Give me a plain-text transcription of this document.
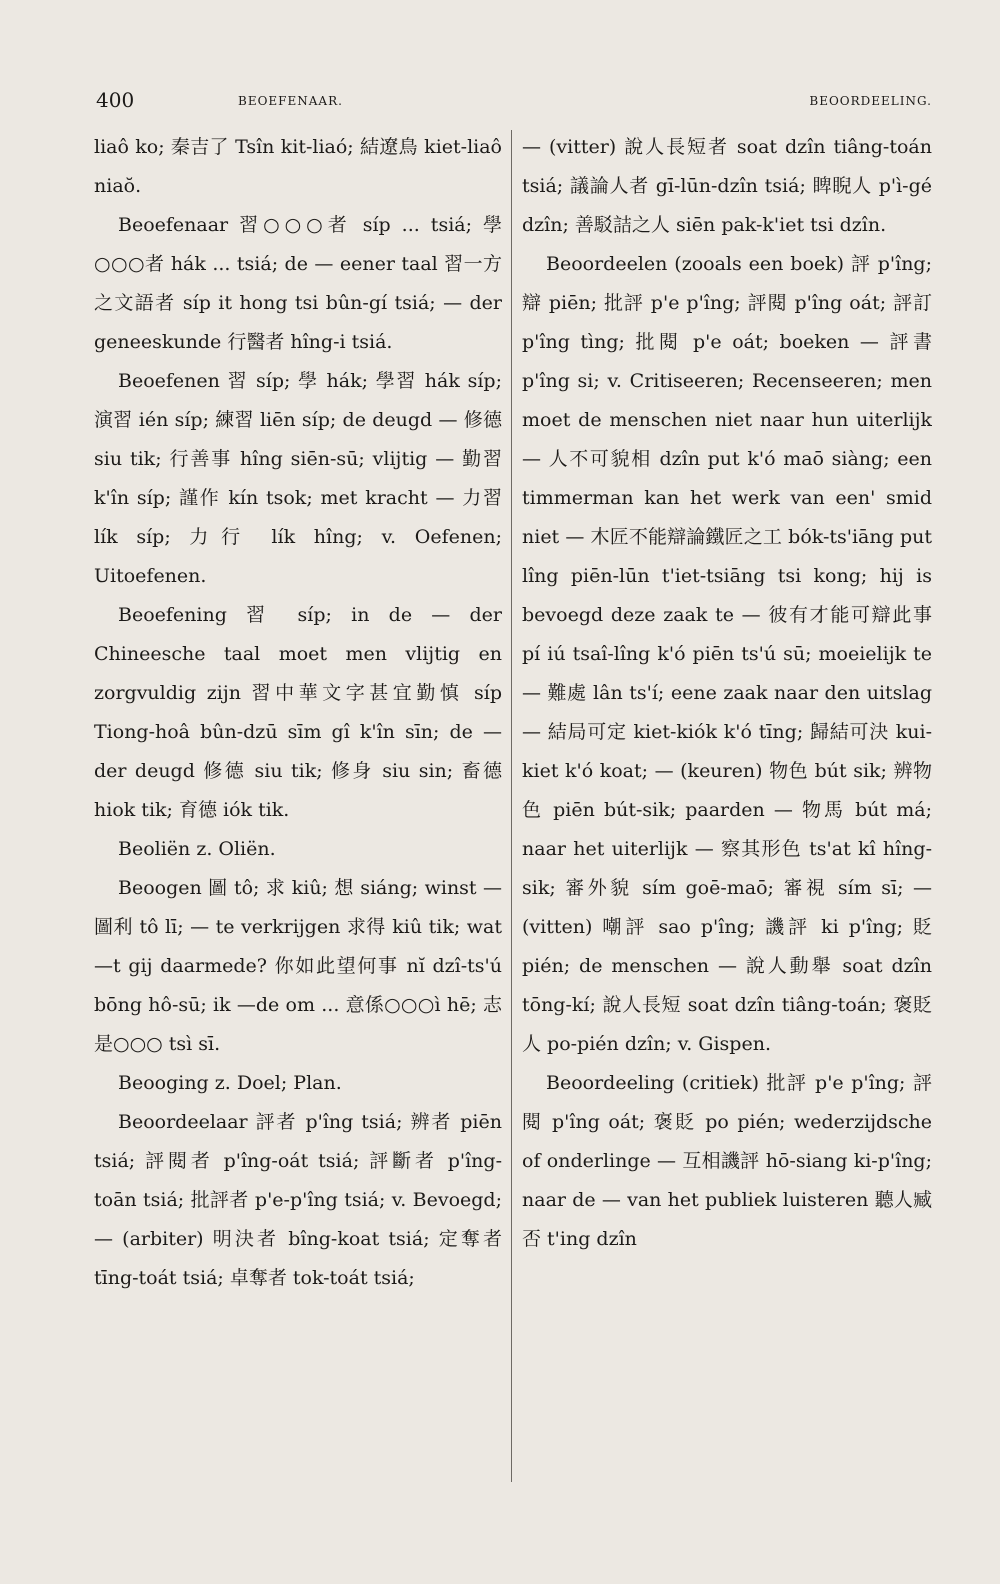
400	BEOEFENAAR.	BEOORDEELING.

liaô ko; 秦吉了 Tsîn kit-liaó; 結遼鳥 kiet-liaô niaŏ.

Beoefenaar 習○○○者 síp ... tsiá; 學○○○者 hák ... tsiá; de — eener taal 習一方之文語者 síp it hong tsi bûn-gí tsiá; — der geneeskunde 行醫者 hîng-i tsiá.

Beoefenen 習 síp; 學 hák; 學習 hák síp; 演習 ién síp; 練習 liēn síp; de deugd — 修德 siu tik; 行善事 hîng siēn-sū; vlijtig — 勤習 k'în síp; 謹作 kín tsok; met kracht — 力習 lík síp; 力行 lík hîng; v. Oefenen; Uitoefenen.

Beoefening 習 síp; in de — der Chineesche taal moet men vlijtig en zorgvuldig zijn 習中華文字甚宜勤慎 síp Tiong-hoâ bûn-dzū sīm gî k'în sīn; de — der deugd 修德 siu tik; 修身 siu sin; 畜德 hiok tik; 育德 iók tik.

Beoliën z. Oliën.

Beoogen 圖 tô; 求 kiû; 想 siáng; winst — 圖利 tô lī; — te verkrijgen 求得 kiû tik; wat —t gij daarmede? 你如此望何事 nĭ dzî-ts'ú bōng hô-sū; ik —de om ... 意係○○○ì hē; 志是○○○ tsì sī.

Beooging z. Doel; Plan.

Beoordeelaar 評者 p'îng tsiá; 辨者 piēn tsiá; 評閱者 p'îng-oát tsiá; 評斷者 p'îng-toān tsiá; 批評者 p'e-p'îng tsiá; v. Bevoegd; — (arbiter) 明決者 bîng-koat tsiá; 定奪者 tīng-toát tsiá; 卓奪者 tok-toát tsiá;

— (vitter) 說人長短者 soat dzîn tiâng-toán tsiá; 議論人者 gī-lūn-dzîn tsiá; 睥睨人 p'ì-gé dzîn; 善駁詰之人 siēn pak-k'iet tsi dzîn.

Beoordeelen (zooals een boek) 評 p'îng; 辯 piēn; 批評 p'e p'îng; 評閱 p'îng oát; 評訂 p'îng tìng; 批閱 p'e oát; boeken — 評書 p'îng si; v. Critiseeren; Recenseeren; men moet de menschen niet naar hun uiterlijk — 人不可貌相 dzîn put k'ó maō siàng; een timmerman kan het werk van een' smid niet — 木匠不能辯論鐵匠之工 bók-ts'iāng put lîng piēn-lūn t'iet-tsiāng tsi kong; hij is bevoegd deze zaak te — 彼有才能可辯此事 pí iú tsaî-lîng k'ó piēn ts'ú sū; moeielijk te — 難處 lân ts'í; eene zaak naar den uitslag — 結局可定 kiet-kiók k'ó tīng; 歸結可決 kui-kiet k'ó koat; — (keuren) 物色 bút sik; 辨物色 piēn bút-sik; paarden — 物馬 bút má; naar het uiterlijk — 察其形色 ts'at kî hîng-sik; 審外貌 sím goē-maō; 審視 sím sī; — (vitten) 嘲評 sao p'îng; 譏評 ki p'îng; 貶 pién; de menschen — 說人動舉 soat dzîn tōng-kí; 說人長短 soat dzîn tiâng-toán; 褒貶人 po-pién dzîn; v. Gispen.

Beoordeeling (critiek) 批評 p'e p'îng; 評閱 p'îng oát; 褒貶 po pién; wederzijdsche of onderlinge — 互相譏評 hō-siang ki-p'îng; naar de — van het publiek luisteren 聽人臧否 t'ing dzîn
